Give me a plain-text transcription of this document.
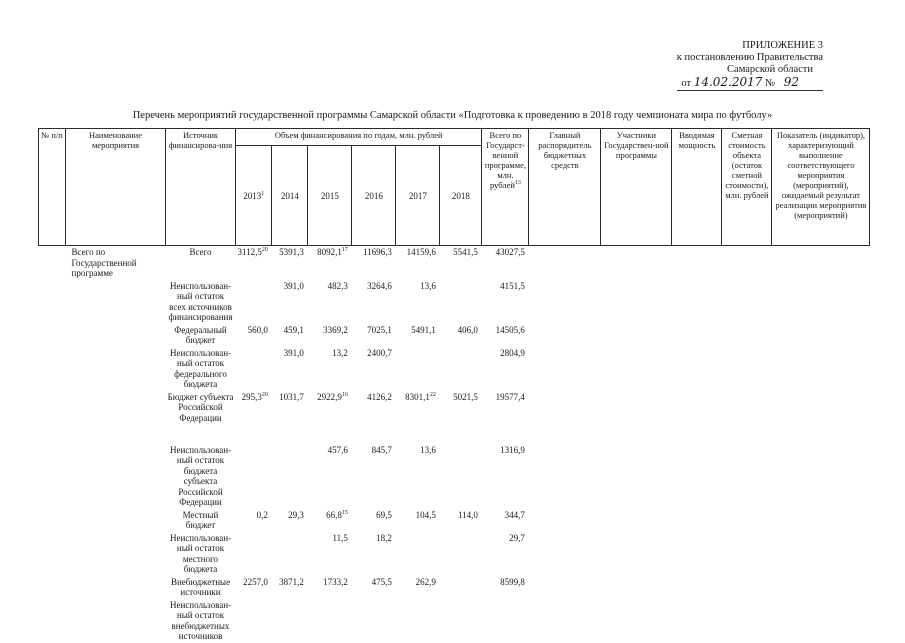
ПРИЛОЖЕНИЕ 3
к постановлению Правительства
Самарской области
от 14.02.2017 № 92
Перечень мероприятий государственной программы Самарской области «Подготовка к проведению в 2018 году чемпионата мира по футболу»
№ п/п	Наименование мероприятия	Источник финансирова-ния	Объем финансирования по годам, млн. рублей						Всего по Государст-венной программе, млн. рублей$^{13}$	Главный распорядитель бюджетных средств	Участники Государствен-ной программы	Вводимая мощность	Сметная стоимость объекта (остаток сметной стоимости), млн. рублей	Показатель (индикатор), характеризующий выполнение соответствующего мероприятия (мероприятий), ожидаемый результат реализации мероприятия (мероприятий)
			2013$^1$	2014	2015	2016	2017	2018						
	Всего по Государственной программе	Всего	3112,5$^{20}$	5391,3	8092,1$^{17}$	11696,3	14159,6	5541,5	43027,5					
		Неиспользован-ный остаток всех источников финансирования		391,0	482,3	3264,6	13,6		4151,5					
		Федеральный бюджет	560,0	459,1	3369,2	7025,1	5491,1	406,0	14505,6					
		Неиспользован-ный остаток федерального бюджета		391,0	13,2	2400,7			2804,9					
		Бюджет субъекта Российской Федерации	295,3$^{20}$	1031,7	2922,9$^{16}$	4126,2	8301,1$^{22}$	5021,5	19577,4					
		Неиспользован-ный остаток бюджета субъекта Российской Федерации			457,6	845,7	13,6		1316,9					
		Местный бюджет	0,2	29,3	66,8$^{15}$	69,5	104,5	114,0	344,7					
		Неиспользован-ный остаток местного бюджета			11,5	18,2			29,7					
		Внебюджетные источники	2257,0	3871,2	1733,2	475,5	262,9		8599,8					
		Неиспользован-ный остаток внебюджетных источников												
